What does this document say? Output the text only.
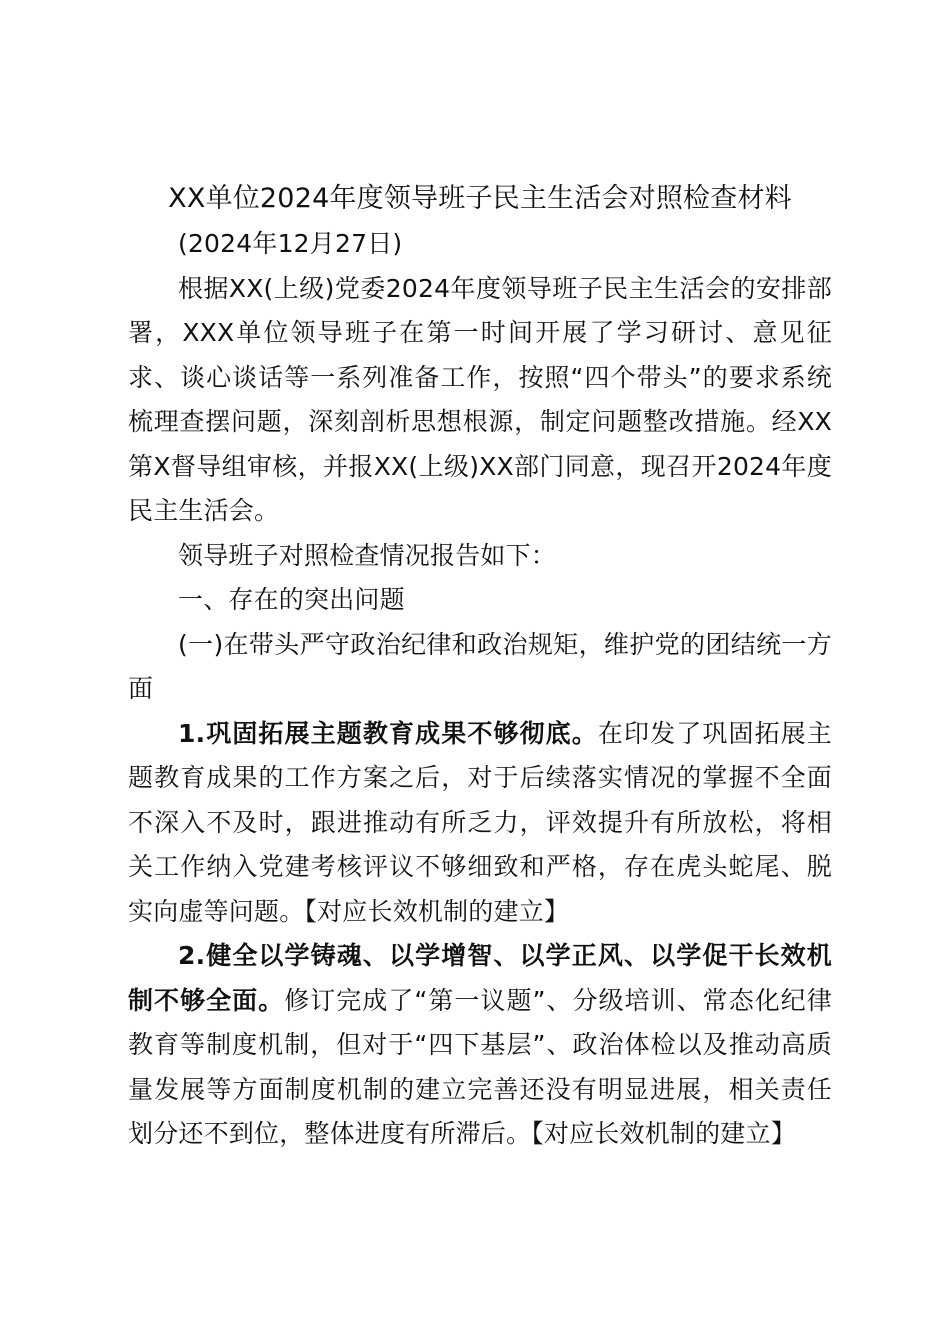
XX单位2024年度领导班子民主生活会对照检查材料

(2024年12月27日)

根据XX(上级)党委2024年度领导班子民主生活会的安排部署，XXX单位领导班子在第一时间开展了学习研讨、意见征求、谈心谈话等一系列准备工作，按照“四个带头”的要求系统梳理查摆问题，深刻剖析思想根源，制定问题整改措施。经XX第X督导组审核，并报XX(上级)XX部门同意，现召开2024年度民主生活会。

领导班子对照检查情况报告如下：

一、存在的突出问题

(一)在带头严守政治纪律和政治规矩，维护党的团结统一方面

1.巩固拓展主题教育成果不够彻底。在印发了巩固拓展主题教育成果的工作方案之后，对于后续落实情况的掌握不全面不深入不及时，跟进推动有所乏力，评效提升有所放松，将相关工作纳入党建考核评议不够细致和严格，存在虎头蛇尾、脱实向虚等问题。【对应长效机制的建立】

2.健全以学铸魂、以学增智、以学正风、以学促干长效机制不够全面。修订完成了“第一议题”、分级培训、常态化纪律教育等制度机制，但对于“四下基层”、政治体检以及推动高质量发展等方面制度机制的建立完善还没有明显进展，相关责任划分还不到位，整体进度有所滞后。【对应长效机制的建立】
